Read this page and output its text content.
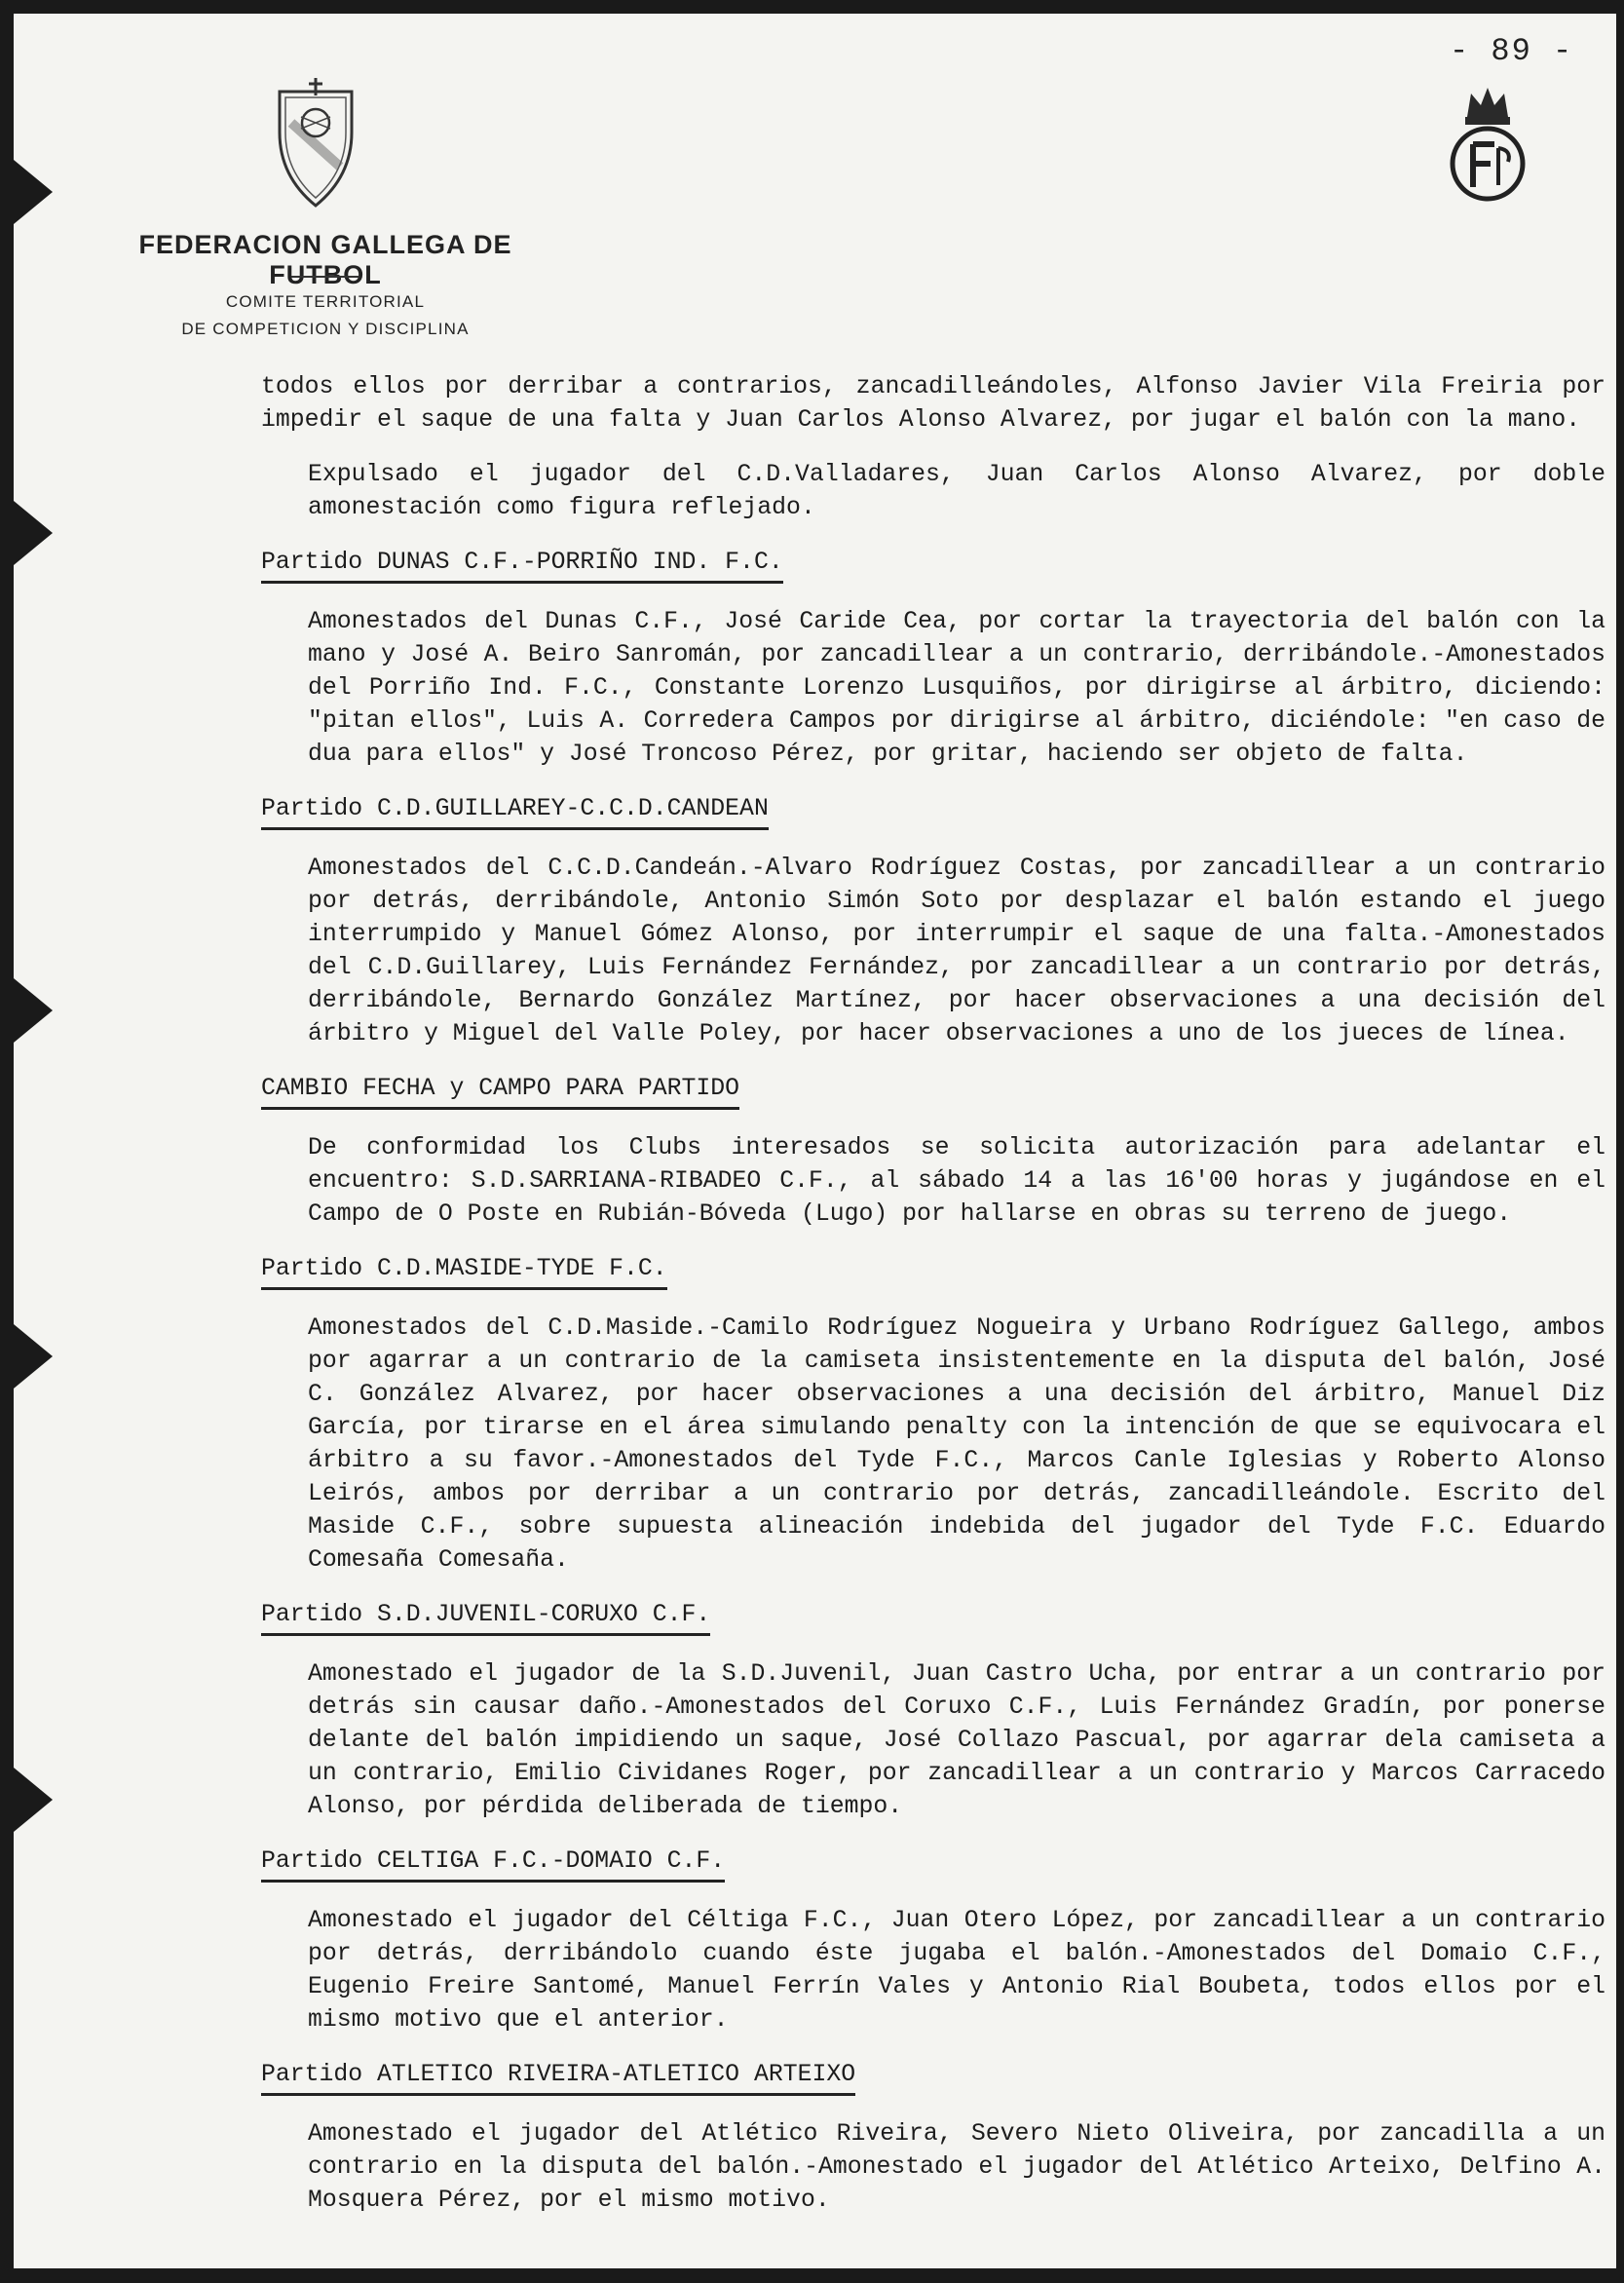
- 89 -
FEDERACION GALLEGA DE FUTBOL
COMITE TERRITORIAL
DE COMPETICION Y DISCIPLINA

todos ellos por derribar a contrarios, zancadilleándoles, Alfonso Javier Vila Freiria por impedir el saque de una falta y Juan Carlos Alonso Alvarez, por jugar el balón con la mano.

Expulsado el jugador del C.D.Valladares, Juan Carlos Alonso Alvarez, por doble amonestación como figura reflejado.

Partido DUNAS C.F.-PORRIÑO IND. F.C.

Amonestados del Dunas C.F., José Caride Cea, por cortar la trayectoria del balón con la mano y José A. Beiro Sanromán, por zancadillear a un contrario, derribándole.-Amonestados del Porriño Ind. F.C., Constante Lorenzo Lusquiños, por dirigirse al árbitro, diciendo: "pitan ellos", Luis A. Corredera Campos por dirigirse al árbitro, diciéndole: "en caso de dua para ellos" y José Troncoso Pérez, por gritar, haciendo ser objeto de falta.

Partido C.D.GUILLAREY-C.C.D.CANDEAN

Amonestados del C.C.D.Candeán.-Alvaro Rodríguez Costas, por zancadillear a un contrario por detrás, derribándole, Antonio Simón Soto por desplazar el balón estando el juego interrumpido y Manuel Gómez Alonso, por interrumpir el saque de una falta.-Amonestados del C.D.Guillarey, Luis Fernández Fernández, por zancadillear a un contrario por detrás, derribándole, Bernardo González Martínez, por hacer observaciones a una decisión del árbitro y Miguel del Valle Poley, por hacer observaciones a uno de los jueces de línea.

CAMBIO FECHA y CAMPO PARA PARTIDO

De conformidad los Clubs interesados se solicita autorización para adelantar el encuentro: S.D.SARRIANA-RIBADEO C.F., al sábado 14 a las 16'00 horas y jugándose en el Campo de O Poste en Rubián-Bóveda (Lugo) por hallarse en obras su terreno de juego.

Partido C.D.MASIDE-TYDE F.C.

Amonestados del C.D.Maside.-Camilo Rodríguez Nogueira y Urbano Rodríguez Gallego, ambos por agarrar a un contrario de la camiseta insistentemente en la disputa del balón, José C. González Alvarez, por hacer observaciones a una decisión del árbitro, Manuel Diz García, por tirarse en el área simulando penalty con la intención de que se equivocara el árbitro a su favor.-Amonestados del Tyde F.C., Marcos Canle Iglesias y Roberto Alonso Leirós, ambos por derribar a un contrario por detrás, zancadilleándole. Escrito del Maside C.F., sobre supuesta alineación indebida del jugador del Tyde F.C. Eduardo Comesaña Comesaña.

Partido S.D.JUVENIL-CORUXO C.F.

Amonestado el jugador de la S.D.Juvenil, Juan Castro Ucha, por entrar a un contrario por detrás sin causar daño.-Amonestados del Coruxo C.F., Luis Fernández Gradín, por ponerse delante del balón impidiendo un saque, José Collazo Pascual, por agarrar dela camiseta a un contrario, Emilio Cividanes Roger, por zancadillear a un contrario y Marcos Carracedo Alonso, por pérdida deliberada de tiempo.

Partido CELTIGA F.C.-DOMAIO C.F.

Amonestado el jugador del Céltiga F.C., Juan Otero López, por zancadillear a un contrario por detrás, derribándolo cuando éste jugaba el balón.-Amonestados del Domaio C.F., Eugenio Freire Santomé, Manuel Ferrín Vales y Antonio Rial Boubeta, todos ellos por el mismo motivo que el anterior.

Partido ATLETICO RIVEIRA-ATLETICO ARTEIXO

Amonestado el jugador del Atlético Riveira, Severo Nieto Oliveira, por zancadilla a un contrario en la disputa del balón.-Amonestado el jugador del Atlético Arteixo, Delfino A. Mosquera Pérez, por el mismo motivo.
